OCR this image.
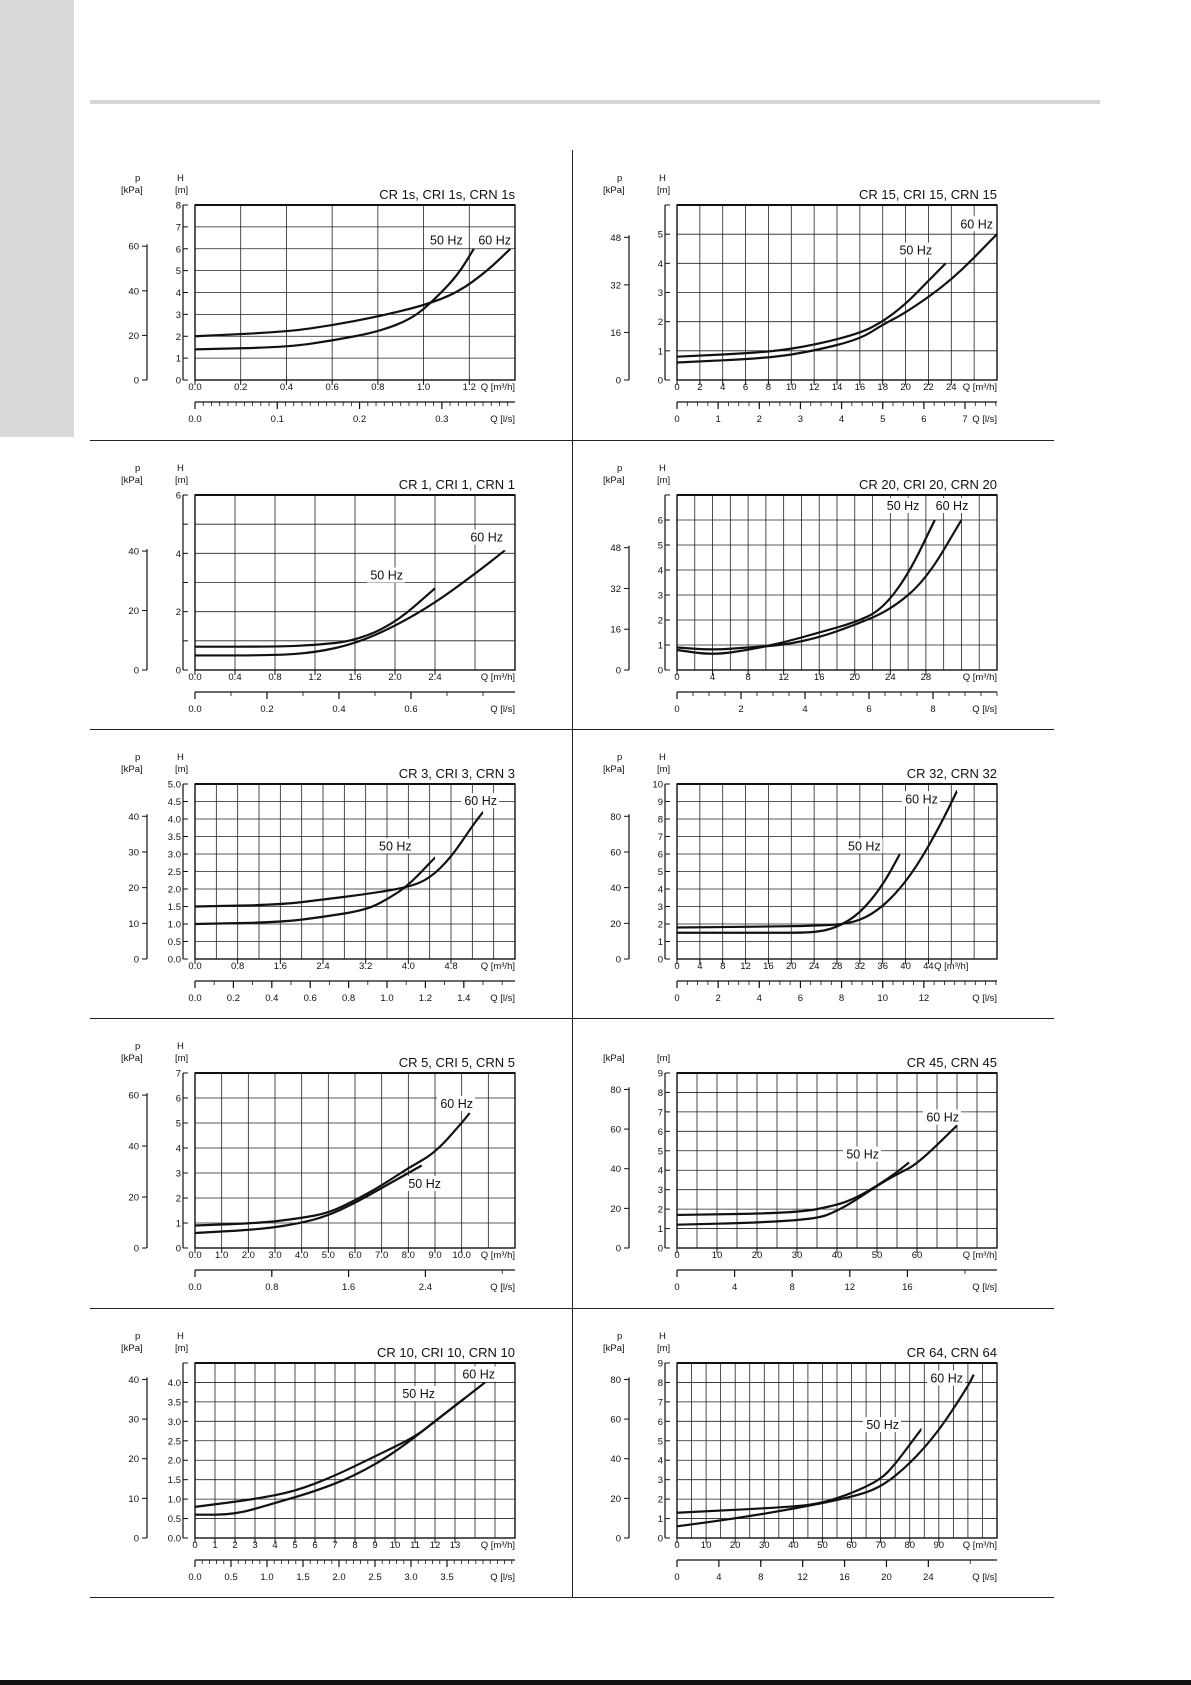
0
1
2
3
4
5
6
7
8
H
[m]
0
20
40
60
p
[kPa]
0.0	0.2	0.4	0.6	0.8	1.0	1.2 Q [m³/h]
0.0	0.1	0.2	0.3	Q [l/s]
CR 1s, CRI 1s, CRN 1s
50 Hz 60 Hz
0
1
2
3
4
5
H
[m]
0
16
32
48
p
[kPa]
0 2 4 6 8 10 12 14 16 18 20 22 24 Q [m³/h]
0	1	2	3	4	5	6	7 Q [l/s]
CR 15, CRI 15, CRN 15
50 Hz
60 Hz
0
2
4
6
H
[m]
0
20
40
p
[kPa]
0.0	0.4	0.8	1.2	1.6	2.0	2.4	Q [m³/h]
0.0	0.2	0.4	0.6	Q [l/s]
CR 1, CRI 1, CRN 1
50 Hz
60 Hz
0
1
2
3
4
5
6
H
[m]
0
16
32
48
p
[kPa]
0	4	8	12	16	20	24	28	Q [m³/h]
0	2	4	6	8	Q [l/s]
CR 20, CRI 20, CRN 20
50 Hz 60 Hz
0.0
0.5
1.0
1.5
2.0
2.5
3.0
3.5
4.0
4.5
5.0
H
[m]
0
10
20
30
40
p
[kPa]
0.0	0.8	1.6	2.4	3.2	4.0	4.8 Q [m³/h]
0.0	0.2	0.4	0.6	0.8	1.0	1.2	1.4 Q [l/s]
CR 3, CRI 3, CRN 3
50 Hz
60 Hz
0
1
2
3
4
5
6
7
8
9
10
H
[m]
0
20
40
60
80
p
[kPa]
0 4 8 12 16 20 24 28 32 36 40 44 Q [m³/h]
0	2	4	6	8	10	12	Q [l/s]
CR 32, CRN 32
50 Hz
60 Hz
0
1
2
3
4
5
6
7
H
[m]
0
20
40
60
p
[kPa]
0.0 1.0 2.0 3.0 4.0 5.0 6.0 7.0 8.0 9.0 10.0 Q [m³/h]
0.0	0.8	1.6	2.4	Q [l/s]
CR 5, CRI 5, CRN 5
60 Hz
50 Hz
0
1
2
3
4
5
6
7
8
9
[m]
0
20
40
60
80
[kPa]
0	10	20	30	40	50	60	Q [m³/h]
0	4	8	12	16	Q [l/s]
CR 45, CRN 45
50 Hz
60 Hz
0.0
0.5
1.0
1.5
2.0
2.5
3.0
3.5
4.0
H
[m]
0
10
20
30
40
p
[kPa]
0 1 2 3 4 5 6 7 8 9 10 11 12 13 Q [m³/h]
0.0 0.5 1.0 1.5 2.0 2.5 3.0 3.5	Q [l/s]
CR 10, CRI 10, CRN 10
50 Hz
60 Hz
0
1
2
3
4
5
6
7
8
9
H
[m]
0
20
40
60
80
p
[kPa]
0 10 20 30 40 50 60 70 80 90 Q [m³/h]
0	4	8	12	16	20	24	Q [l/s]
CR 64, CRN 64
50 Hz
60 Hz
